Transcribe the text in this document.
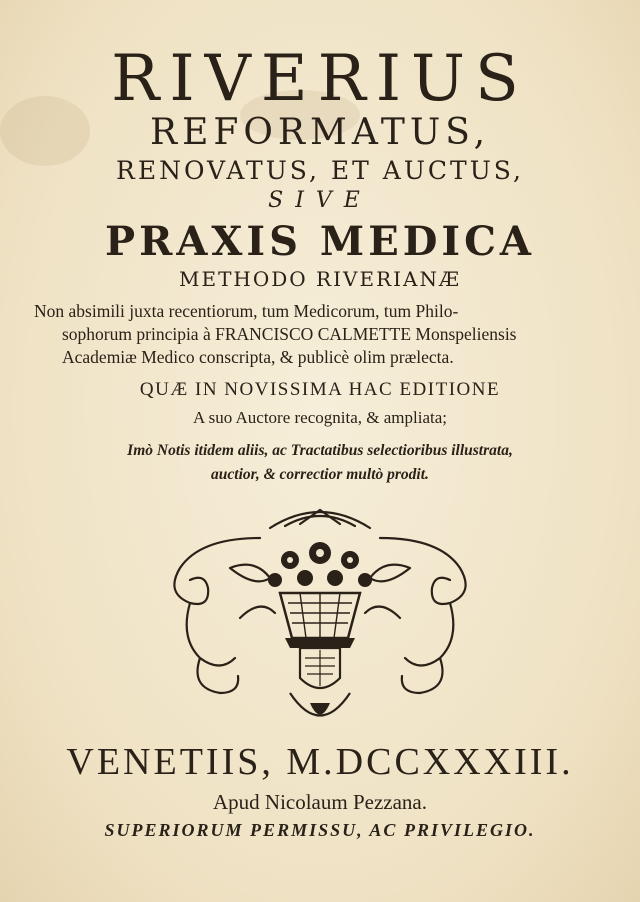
RIVERIUS
REFORMATUS,
RENOVATUS, ET AUCTUS,
SIVE
PRAXIS MEDICA
METHODO RIVERIANÆ
Non absimili juxta recentiorum, tum Medicorum, tum Philo-
sophorum principia à FRANCISCO CALMETTE Monspeliensis
Academiæ Medico conscripta, & publicè olim prælecta.
QUÆ IN NOVISSIMA HAC EDITIONE
A suo Auctore recognita, & ampliata;
Imò Notis itidem aliis, ac Tractatibus selectioribus illustrata,
auctior, & correctior multò prodit.
VENETIIS, M.DCCXXXIII.
Apud Nicolaum Pezzana.
SUPERIORUM PERMISSU, AC PRIVILEGIO.
